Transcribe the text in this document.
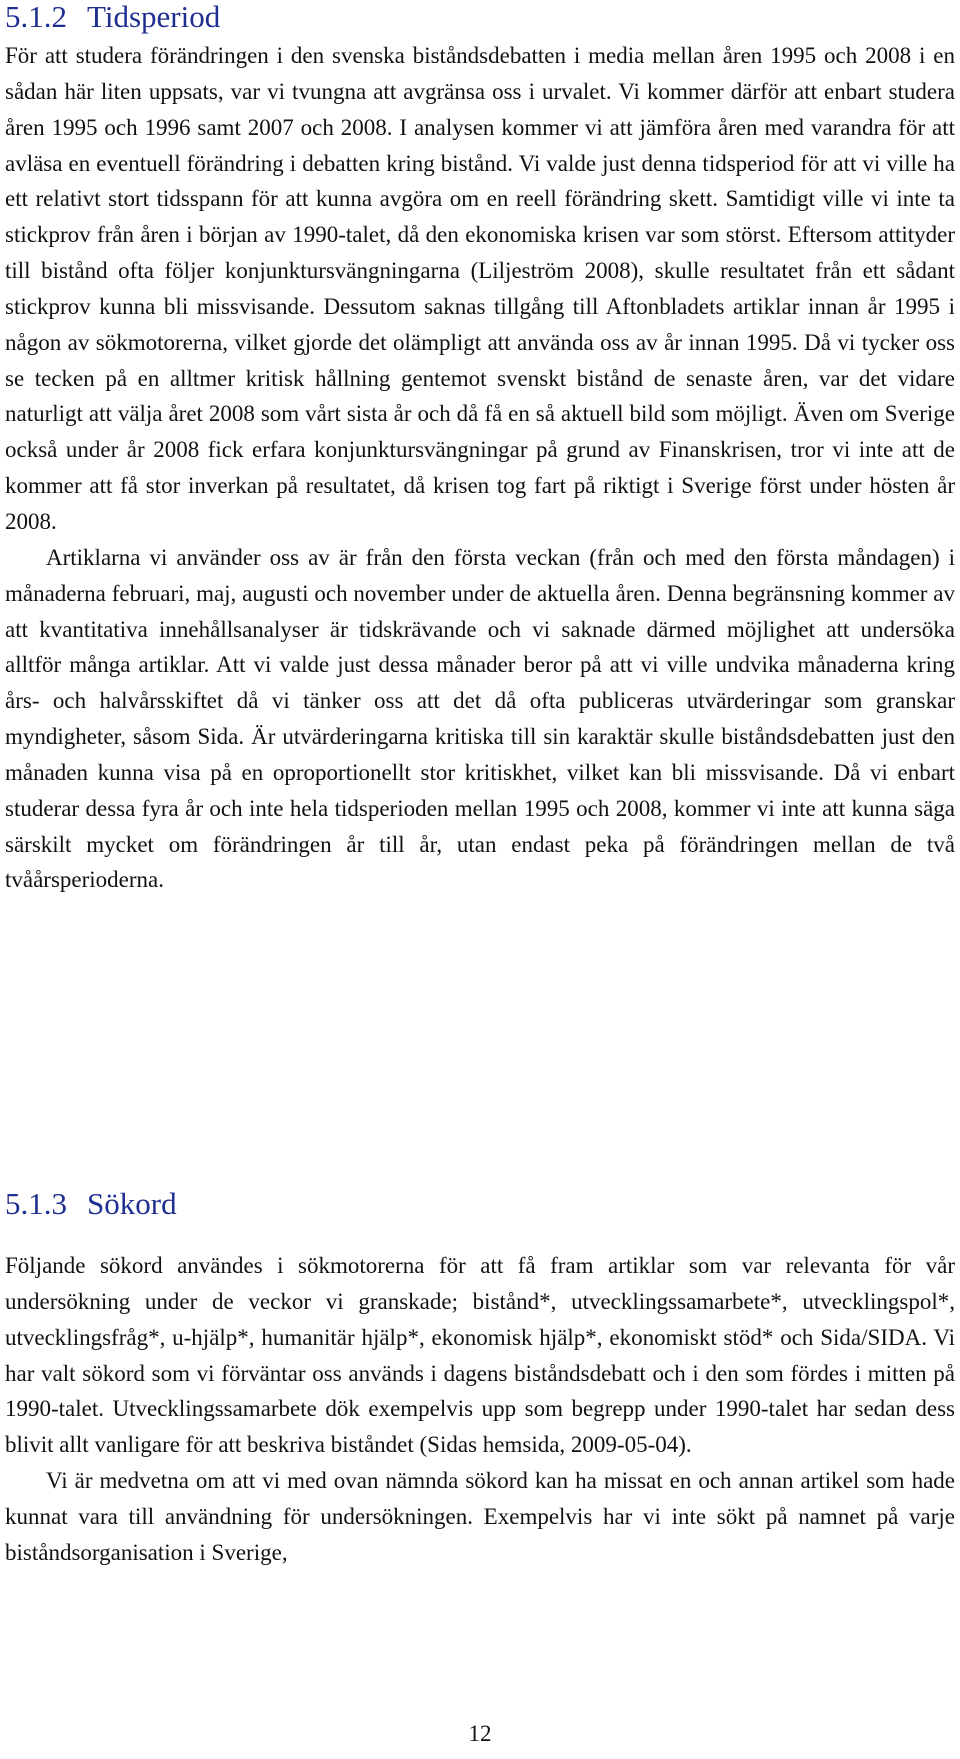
5.1.2 Tidsperiod

För att studera förändringen i den svenska biståndsdebatten i media mellan åren 1995 och 2008 i en sådan här liten uppsats, var vi tvungna att avgränsa oss i urvalet. Vi kommer därför att enbart studera åren 1995 och 1996 samt 2007 och 2008. I analysen kommer vi att jämföra åren med varandra för att avläsa en eventuell förändring i debatten kring bistånd. Vi valde just denna tidsperiod för att vi ville ha ett relativt stort tidsspann för att kunna avgöra om en reell förändring skett. Samtidigt ville vi inte ta stickprov från åren i början av 1990-talet, då den ekonomiska krisen var som störst. Eftersom attityder till bistånd ofta följer konjunktursvängningarna (Liljeström 2008), skulle resultatet från ett sådant stickprov kunna bli missvisande. Dessutom saknas tillgång till Aftonbladets artiklar innan år 1995 i någon av sökmotorerna, vilket gjorde det olämpligt att använda oss av år innan 1995. Då vi tycker oss se tecken på en alltmer kritisk hållning gentemot svenskt bistånd de senaste åren, var det vidare naturligt att välja året 2008 som vårt sista år och då få en så aktuell bild som möjligt. Även om Sverige också under år 2008 fick erfara konjunktursvängningar på grund av Finanskrisen, tror vi inte att de kommer att få stor inverkan på resultatet, då krisen tog fart på riktigt i Sverige först under hösten år 2008.

Artiklarna vi använder oss av är från den första veckan (från och med den första måndagen) i månaderna februari, maj, augusti och november under de aktuella åren. Denna begränsning kommer av att kvantitativa innehållsanalyser är tidskrävande och vi saknade därmed möjlighet att undersöka alltför många artiklar. Att vi valde just dessa månader beror på att vi ville undvika månaderna kring års- och halvårsskiftet då vi tänker oss att det då ofta publiceras utvärderingar som granskar myndigheter, såsom Sida. Är utvärderingarna kritiska till sin karaktär skulle biståndsdebatten just den månaden kunna visa på en oproportionellt stor kritiskhet, vilket kan bli missvisande. Då vi enbart studerar dessa fyra år och inte hela tidsperioden mellan 1995 och 2008, kommer vi inte att kunna säga särskilt mycket om förändringen år till år, utan endast peka på förändringen mellan de två tvåårsperioderna.

5.1.3 Sökord

Följande sökord användes i sökmotorerna för att få fram artiklar som var relevanta för vår undersökning under de veckor vi granskade; bistånd*, utvecklingssamarbete*, utvecklingspol*, utvecklingsfråg*, u-hjälp*, humanitär hjälp*, ekonomisk hjälp*, ekonomiskt stöd* och Sida/SIDA. Vi har valt sökord som vi förväntar oss används i dagens biståndsdebatt och i den som fördes i mitten på 1990-talet. Utvecklingssamarbete dök exempelvis upp som begrepp under 1990-talet har sedan dess blivit allt vanligare för att beskriva biståndet (Sidas hemsida, 2009-05-04).

Vi är medvetna om att vi med ovan nämnda sökord kan ha missat en och annan artikel som hade kunnat vara till användning för undersökningen. Exempelvis har vi inte sökt på namnet på varje biståndsorganisation i Sverige,

12
